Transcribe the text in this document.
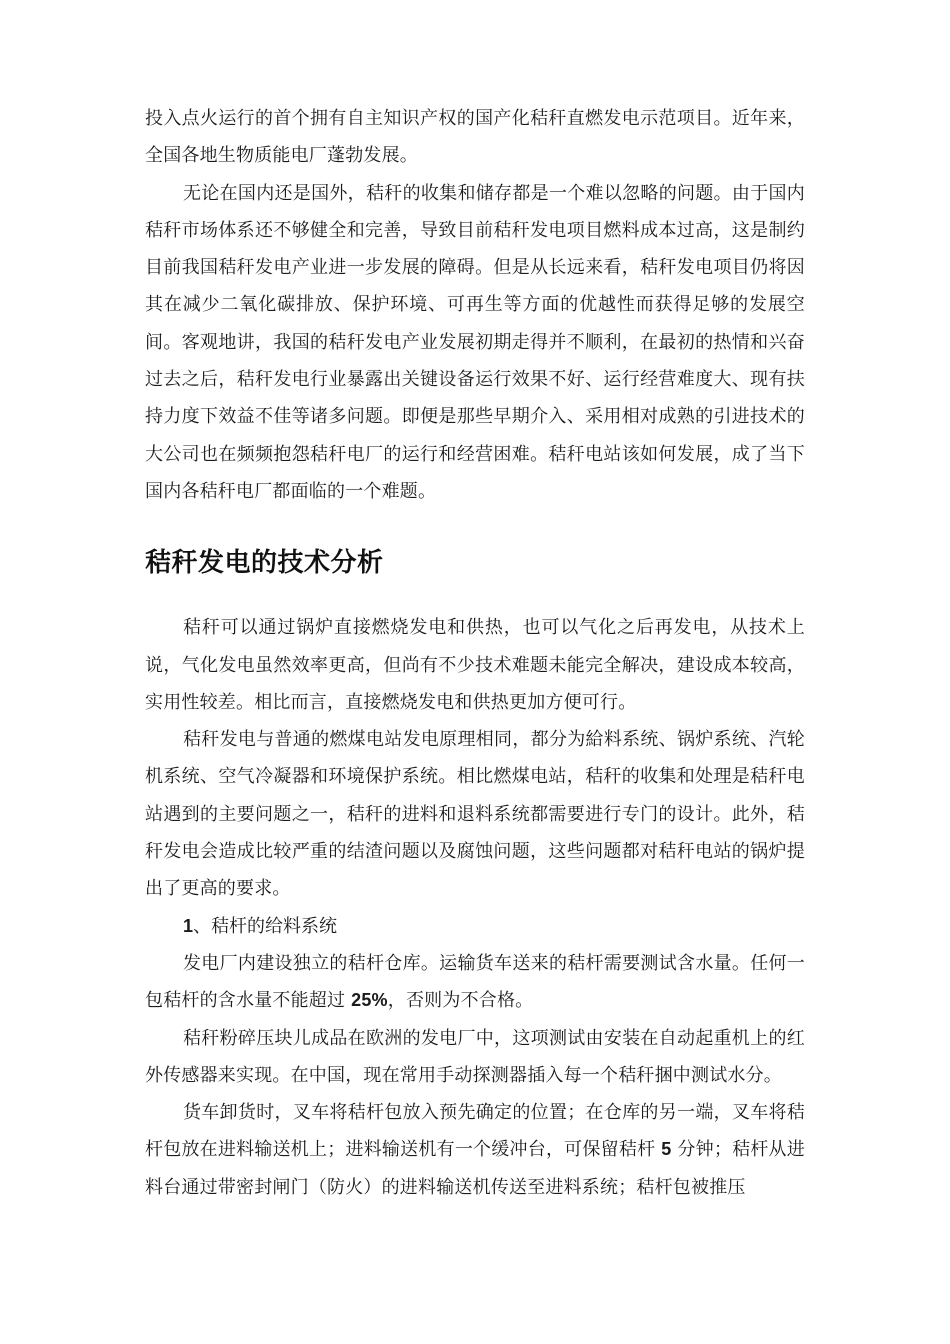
投入点火运行的首个拥有自主知识产权的国产化秸秆直燃发电示范项目。近年来，全国各地生物质能电厂蓬勃发展。

无论在国内还是国外，秸秆的收集和储存都是一个难以忽略的问题。由于国内秸秆市场体系还不够健全和完善，导致目前秸秆发电项目燃料成本过高，这是制约目前我国秸秆发电产业进一步发展的障碍。但是从长远来看，秸秆发电项目仍将因其在减少二氧化碳排放、保护环境、可再生等方面的优越性而获得足够的发展空间。客观地讲，我国的秸秆发电产业发展初期走得并不顺利，在最初的热情和兴奋过去之后，秸秆发电行业暴露出关键设备运行效果不好、运行经营难度大、现有扶持力度下效益不佳等诸多问题。即便是那些早期介入、采用相对成熟的引进技术的大公司也在频频抱怨秸秆电厂的运行和经营困难。秸秆电站该如何发展，成了当下国内各秸秆电厂都面临的一个难题。

秸秆发电的技术分析

秸秆可以通过锅炉直接燃烧发电和供热，也可以气化之后再发电，从技术上说，气化发电虽然效率更高，但尚有不少技术难题未能完全解决，建设成本较高，实用性较差。相比而言，直接燃烧发电和供热更加方便可行。

秸秆发电与普通的燃煤电站发电原理相同，都分为給料系统、锅炉系统、汽轮机系统、空气冷凝器和环境保护系统。相比燃煤电站，秸秆的收集和处理是秸秆电站遇到的主要问题之一，秸秆的进料和退料系统都需要进行专门的设计。此外，秸秆发电会造成比较严重的结渣问题以及腐蚀问题，这些问题都对秸秆电站的锅炉提出了更高的要求。

1、秸杆的给料系统

发电厂内建设独立的秸杆仓库。运输货车送来的秸杆需要测试含水量。任何一包秸杆的含水量不能超过 25%，否则为不合格。

秸秆粉碎压块儿成品在欧洲的发电厂中，这项测试由安装在自动起重机上的红外传感器来实现。在中国，现在常用手动探测器插入每一个秸秆捆中测试水分。

货车卸货时，叉车将秸杆包放入预先确定的位置；在仓库的另一端，叉车将秸杆包放在进料输送机上；进料输送机有一个缓冲台，可保留秸杆 5 分钟；秸杆从进料台通过带密封闸门（防火）的进料输送机传送至进料系统；秸杆包被推压
